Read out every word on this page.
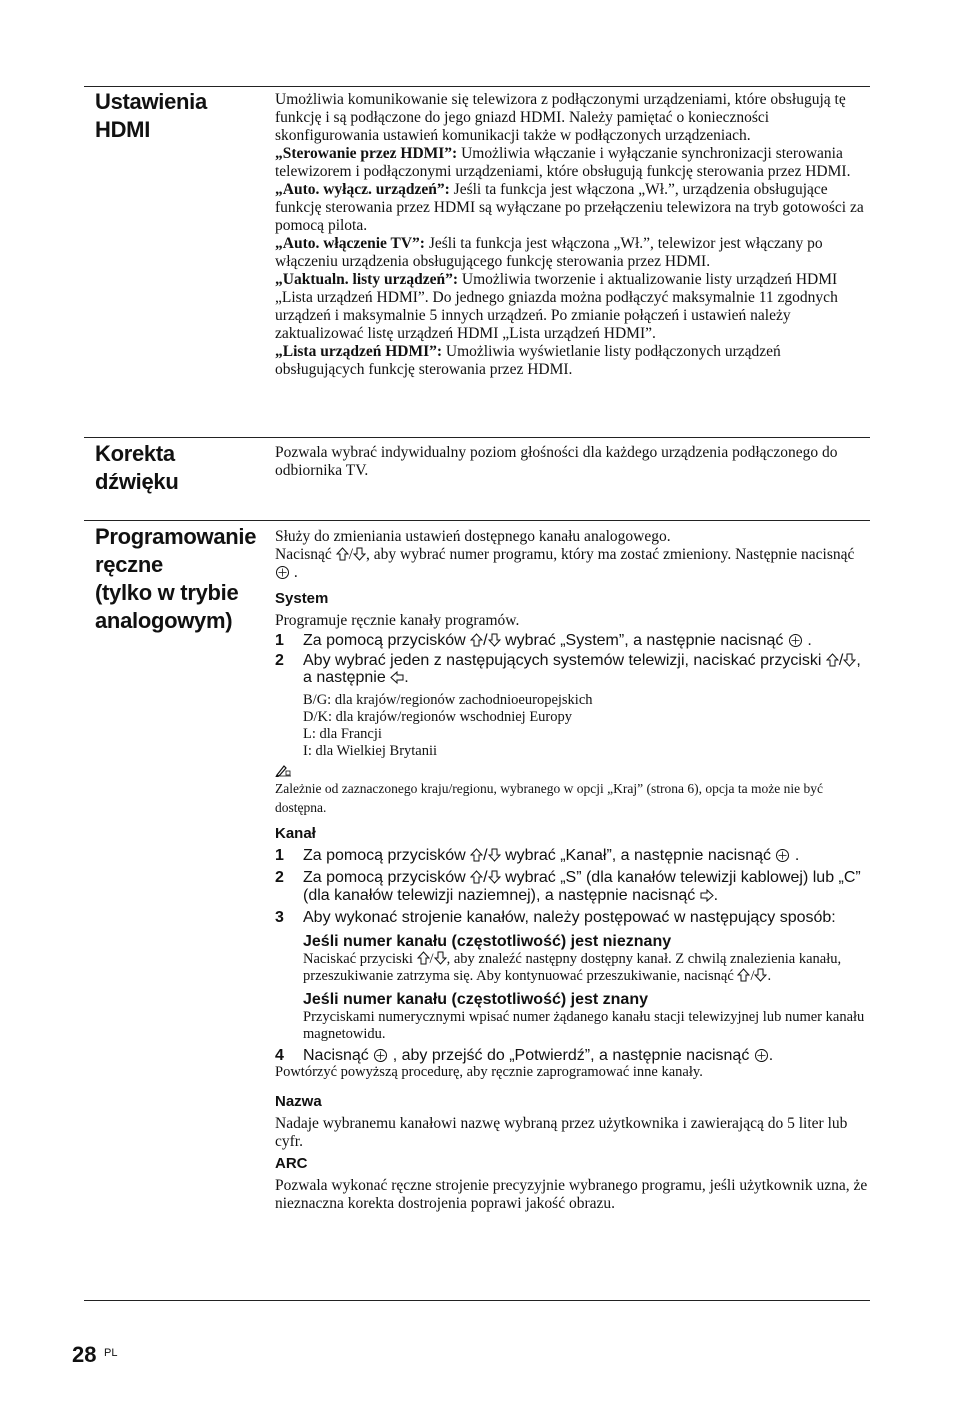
Ustawienia
HDMI
Umożliwia komunikowanie się telewizora z podłączonymi urządzeniami, które obsługują tę funkcję i są podłączone do jego gniazd HDMI. Należy pamiętać o konieczności skonfigurowania ustawień komunikacji także w podłączonych urządzeniach.
„Sterowanie przez HDMI”: Umożliwia włączanie i wyłączanie synchronizacji sterowania telewizorem i podłączonymi urządzeniami, które obsługują funkcję sterowania przez HDMI.
„Auto. wyłącz. urządzeń”: Jeśli ta funkcja jest włączona „Wł.”, urządzenia obsługujące funkcję sterowania przez HDMI są wyłączane po przełączeniu telewizora na tryb gotowości za pomocą pilota.
„Auto. włączenie TV”: Jeśli ta funkcja jest włączona „Wł.”, telewizor jest włączany po włączeniu urządzenia obsługującego funkcję sterowania przez HDMI.
„Uaktualn. listy urządzeń”: Umożliwia tworzenie i aktualizowanie listy urządzeń HDMI „Lista urządzeń HDMI”. Do jednego gniazda można podłączyć maksymalnie 11 zgodnych urządzeń i maksymalnie 5 innych urządzeń. Po zmianie połączeń i ustawień należy zaktualizować listę urządzeń HDMI „Lista urządzeń HDMI”.
„Lista urządzeń HDMI”: Umożliwia wyświetlanie listy podłączonych urządzeń obsługujących funkcję sterowania przez HDMI.
Korekta
dźwięku
Pozwala wybrać indywidualny poziom głośności dla każdego urządzenia podłączonego do odbiornika TV.
Programowanie
ręczne
(tylko w trybie
analogowym)
Służy do zmieniania ustawień dostępnego kanału analogowego.
Nacisnąć / , aby wybrać numer programu, który ma zostać zmieniony. Następnie nacisnąć  .
System
Programuje ręcznie kanały programów.
1	Za pomocą przycisków / wybrać „System”, a następnie nacisnąć  .
2	Aby wybrać jeden z następujących systemów telewizji, naciskać przyciski / , a następnie .
B/G: dla krajów/regionów zachodnioeuropejskich
D/K: dla krajów/regionów wschodniej Europy
L: dla Francji
I: dla Wielkiej Brytanii
Zależnie od zaznaczonego kraju/regionu, wybranego w opcji „Kraj” (strona 6), opcja ta może nie być dostępna.
Kanał
1	Za pomocą przycisków / wybrać „Kanał”, a następnie nacisnąć  .
2	Za pomocą przycisków / wybrać „S” (dla kanałów telewizji kablowej) lub „C” (dla kanałów telewizji naziemnej), a następnie nacisnąć .
3	Aby wykonać strojenie kanałów, należy postępować w następujący sposób:
Jeśli numer kanału (częstotliwość) jest nieznany
Naciskać przyciski / , aby znaleźć następny dostępny kanał. Z chwilą znalezienia kanału, przeszukiwanie zatrzyma się. Aby kontynuować przeszukiwanie, nacisnąć / .
Jeśli numer kanału (częstotliwość) jest znany
Przyciskami numerycznymi wpisać numer żądanego kanału stacji telewizyjnej lub numer kanału magnetowidu.
4	Nacisnąć  , aby przejść do „Potwierdź”, a następnie nacisnąć .
Powtórzyć powyższą procedurę, aby ręcznie zaprogramować inne kanały.
Nazwa
Nadaje wybranemu kanałowi nazwę wybraną przez użytkownika i zawierającą do 5 liter lub cyfr.
ARC
Pozwala wykonać ręczne strojenie precyzyjnie wybranego programu, jeśli użytkownik uzna, że nieznaczna korekta dostrojenia poprawi jakość obrazu.
28 PL
